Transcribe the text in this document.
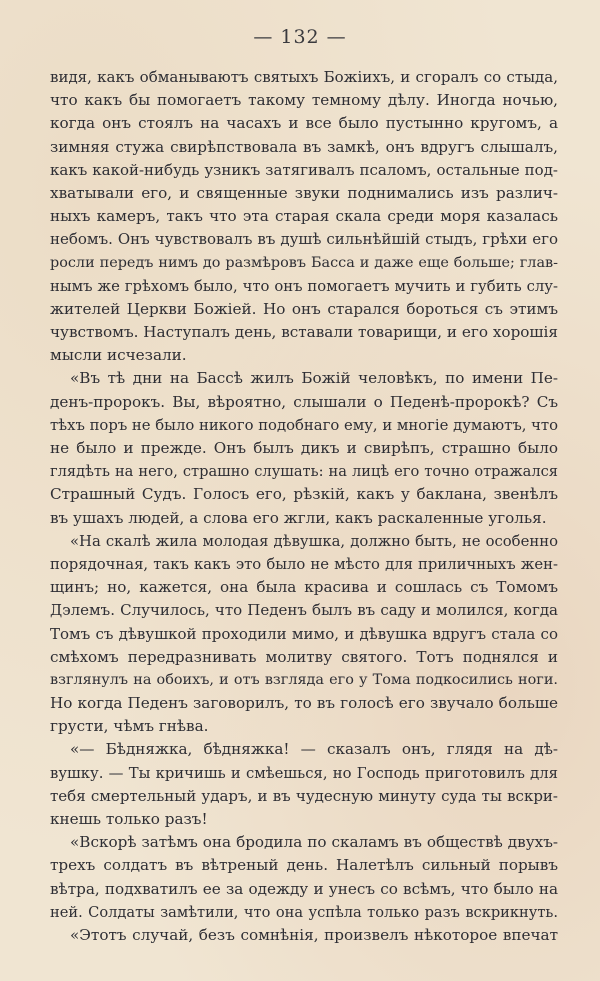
— 132 —
видя, какъ обманываютъ святыхъ Божіихъ, и сгоралъ со стыда,
что какъ бы помогаетъ такому темному дѣлу. Иногда ночью,
когда онъ стоялъ на часахъ и все было пустынно кругомъ, а
зимняя стужа свирѣпствовала въ замкѣ, онъ вдругъ слышалъ,
какъ какой-нибудь узникъ затягивалъ псаломъ, остальные под-
хватывали его, и священные звуки поднимались изъ различ-
ныхъ камеръ, такъ что эта старая скала среди моря казалась
небомъ. Онъ чувствовалъ въ душѣ сильнѣйшій стыдъ, грѣхи его
росли передъ нимъ до размѣровъ Басса и даже еще больше; глав-
нымъ же грѣхомъ было, что онъ помогаетъ мучить и губить слу-
жителей Церкви Божіей. Но онъ старался бороться съ этимъ
чувствомъ. Наступалъ день, вставали товарищи, и его хорошія
мысли исчезали.
«Въ тѣ дни на Бассѣ жилъ Божій человѣкъ, по имени Пе-
денъ-пророкъ. Вы, вѣроятно, слышали о Педенѣ-пророкѣ? Съ
тѣхъ поръ не было никого подобнаго ему, и многіе думаютъ, что
не было и прежде. Онъ былъ дикъ и свирѣпъ, страшно было
глядѣть на него, страшно слушать: на лицѣ его точно отражался
Страшный Судъ. Голосъ его, рѣзкій, какъ у баклана, звенѣлъ
въ ушахъ людей, а слова его жгли, какъ раскаленные уголья.
«На скалѣ жила молодая дѣвушка, должно быть, не особенно
порядочная, такъ какъ это было не мѣсто для приличныхъ жен-
щинъ; но, кажется, она была красива и сошлась съ Томомъ
Дэлемъ. Случилось, что Педенъ былъ въ саду и молился, когда
Томъ съ дѣвушкой проходили мимо, и дѣвушка вдругъ стала со
смѣхомъ передразнивать молитву святого. Тотъ поднялся и
взглянулъ на обоихъ, и отъ взгляда его у Тома подкосились ноги.
Но когда Педенъ заговорилъ, то въ голосѣ его звучало больше
грусти, чѣмъ гнѣва.
«— Бѣдняжка, бѣдняжка! — сказалъ онъ, глядя на дѣ-
вушку. — Ты кричишь и смѣешься, но Господь приготовилъ для
тебя смертельный ударъ, и въ чудесную минуту суда ты вскри-
кнешь только разъ!
«Вскорѣ затѣмъ она бродила по скаламъ въ обществѣ двухъ-
трехъ солдатъ въ вѣтреный день. Налетѣлъ сильный порывъ
вѣтра, подхватилъ ее за одежду и унесъ со всѣмъ, что было на
ней. Солдаты замѣтили, что она успѣла только разъ вскрикнуть.
«Этотъ случай, безъ сомнѣнія, произвелъ нѣкоторое впечат
